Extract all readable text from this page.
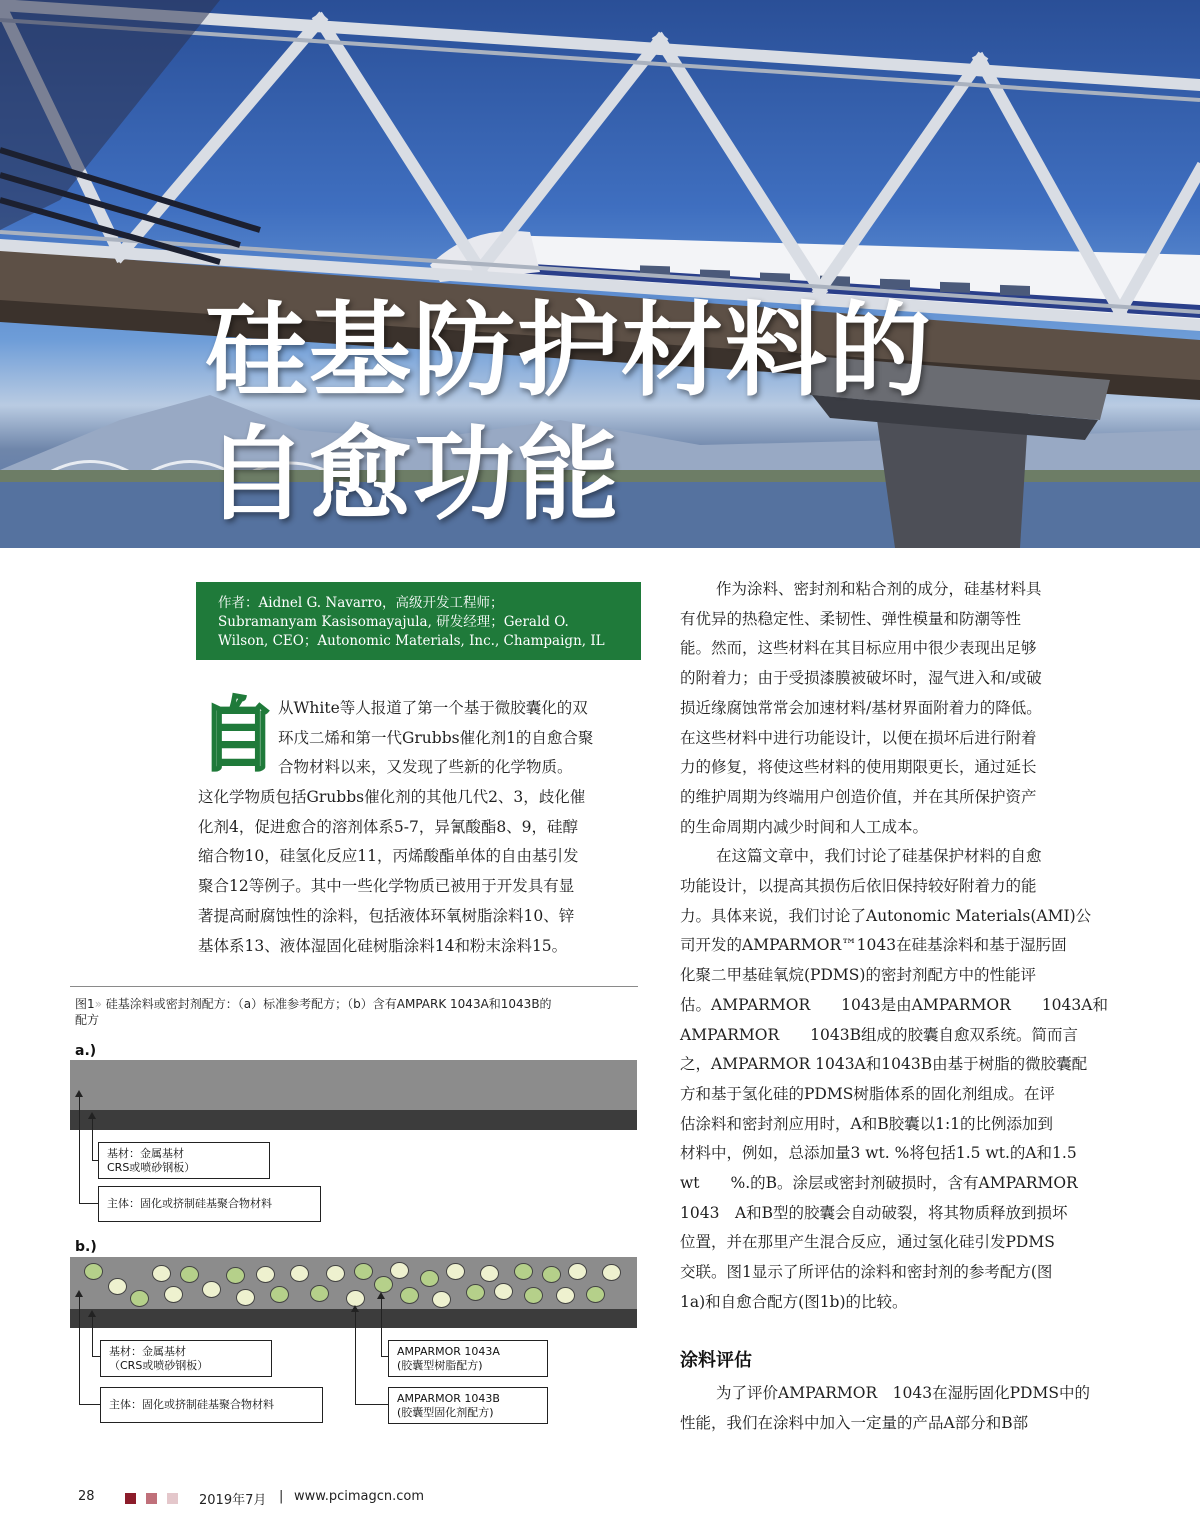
硅基防护材料的
自愈功能
作者：Aidnel G. Navarro，高级开发工程师；
Subramanyam Kasisomayajula, 研发经理；Gerald O.
Wilson, CEO；Autonomic Materials, Inc., Champaign, IL
自 从White等人报道了第一个基于微胶囊化的双
环戊二烯和第一代Grubbs催化剂1的自愈合聚
合物材料以来，又发现了些新的化学物质。
这化学物质包括Grubbs催化剂的其他几代2、3，歧化催
化剂4，促进愈合的溶剂体系5-7，异氰酸酯8、9，硅醇
缩合物10，硅氢化反应11，丙烯酸酯单体的自由基引发
聚合12等例子。其中一些化学物质已被用于开发具有显
著提高耐腐蚀性的涂料，包括液体环氧树脂涂料10、锌
基体系13、液体湿固化硅树脂涂料14和粉末涂料15。
图1» 硅基涂料或密封剂配方：（a）标准参考配方；（b）含有AMPARK 1043A和1043B的
配方
a.)
基材：金属基材
CRS或喷砂钢板）
主体：固化或挤制硅基聚合物材料
b.)
基材：金属基材
（CRS或喷砂钢板）
主体：固化或挤制硅基聚合物材料
AMPARMOR 1043A
(胶囊型树脂配方)
AMPARMOR 1043B
(胶囊型固化剂配方)
作为涂料、密封剂和粘合剂的成分，硅基材料具
有优异的热稳定性、柔韧性、弹性模量和防潮等性
能。然而，这些材料在其目标应用中很少表现出足够
的附着力；由于受损漆膜被破坏时，湿气进入和/或破
损近缘腐蚀常常会加速材料/基材界面附着力的降低。
在这些材料中进行功能设计，以便在损坏后进行附着
力的修复，将使这些材料的使用期限更长，通过延长
的维护周期为终端用户创造价值，并在其所保护资产
的生命周期内减少时间和人工成本。
在这篇文章中，我们讨论了硅基保护材料的自愈
功能设计，以提高其损伤后依旧保持较好附着力的能
力。具体来说，我们讨论了Autonomic Materials(AMI)公
司开发的AMPARMOR™1043在硅基涂料和基于湿肟固
化聚二甲基硅氧烷(PDMS)的密封剂配方中的性能评
估。AMPARMOR　　1043是由AMPARMOR　　1043A和
AMPARMOR　　1043B组成的胶囊自愈双系统。简而言
之，AMPARMOR 1043A和1043B由基于树脂的微胶囊配
方和基于氢化硅的PDMS树脂体系的固化剂组成。在评
估涂料和密封剂应用时，A和B胶囊以1:1的比例添加到
材料中，例如，总添加量3 wt. %将包括1.5 wt.的A和1.5
wt　　%.的B。涂层或密封剂破损时，含有AMPARMOR
1043　A和B型的胶囊会自动破裂，将其物质释放到损坏
位置，并在那里产生混合反应，通过氢化硅引发PDMS
交联。图1显示了所评估的涂料和密封剂的参考配方(图
1a)和自愈合配方(图1b)的比较。
涂料评估
为了评价AMPARMOR　1043在湿肟固化PDMS中的
性能，我们在涂料中加入一定量的产品A部分和B部
28	2019年7月 | www.pcimagcn.com
